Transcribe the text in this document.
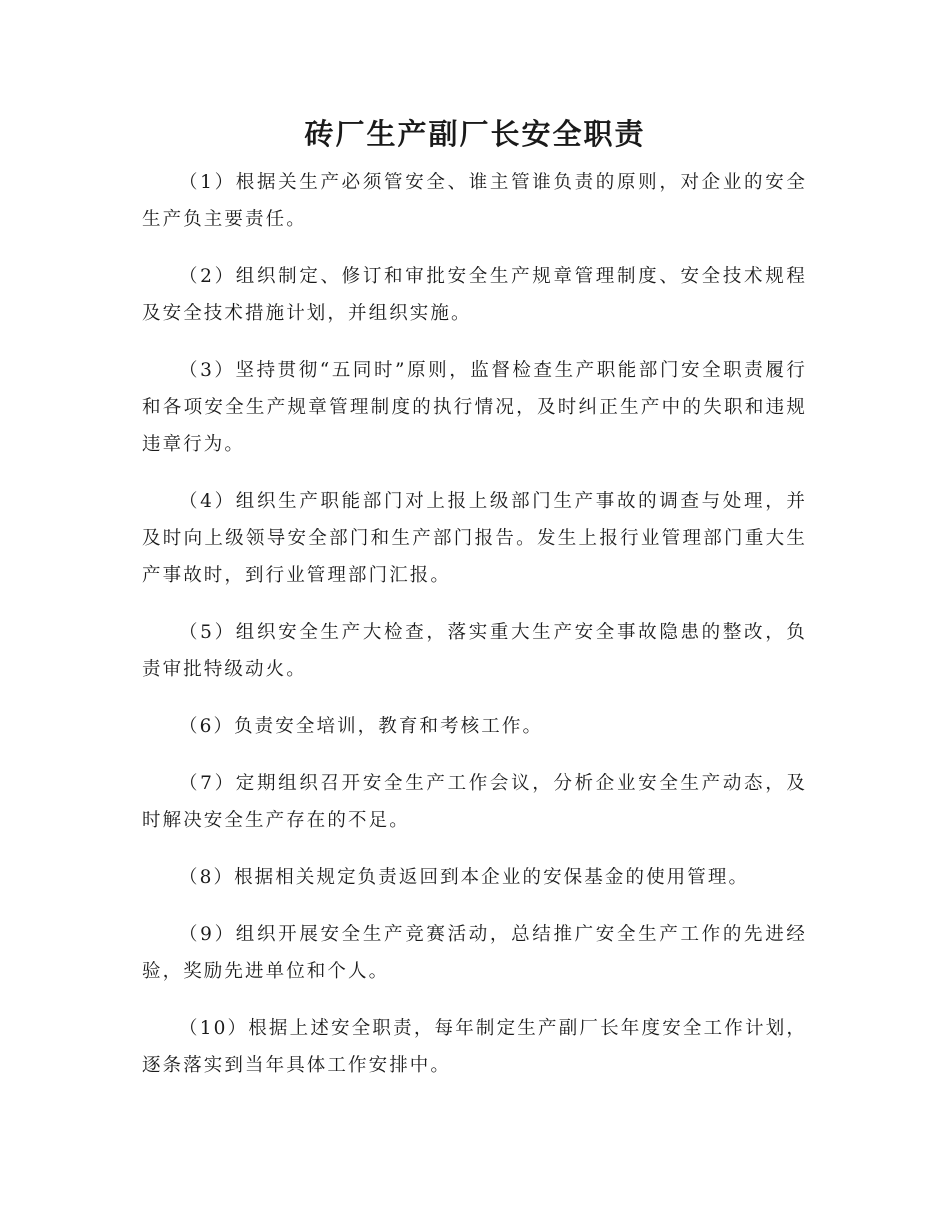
砖厂生产副厂长安全职责

（1）根据关生产必须管安全、谁主管谁负责的原则，对企业的安全生产负主要责任。

（2）组织制定、修订和审批安全生产规章管理制度、安全技术规程及安全技术措施计划，并组织实施。

（3）坚持贯彻“五同时”原则，监督检查生产职能部门安全职责履行和各项安全生产规章管理制度的执行情况，及时纠正生产中的失职和违规违章行为。

（4）组织生产职能部门对上报上级部门生产事故的调查与处理，并及时向上级领导安全部门和生产部门报告。发生上报行业管理部门重大生产事故时，到行业管理部门汇报。

（5）组织安全生产大检查，落实重大生产安全事故隐患的整改，负责审批特级动火。

（6）负责安全培训，教育和考核工作。

（7）定期组织召开安全生产工作会议，分析企业安全生产动态，及时解决安全生产存在的不足。

（8）根据相关规定负责返回到本企业的安保基金的使用管理。

（9）组织开展安全生产竞赛活动，总结推广安全生产工作的先进经验，奖励先进单位和个人。

（10）根据上述安全职责，每年制定生产副厂长年度安全工作计划，逐条落实到当年具体工作安排中。
